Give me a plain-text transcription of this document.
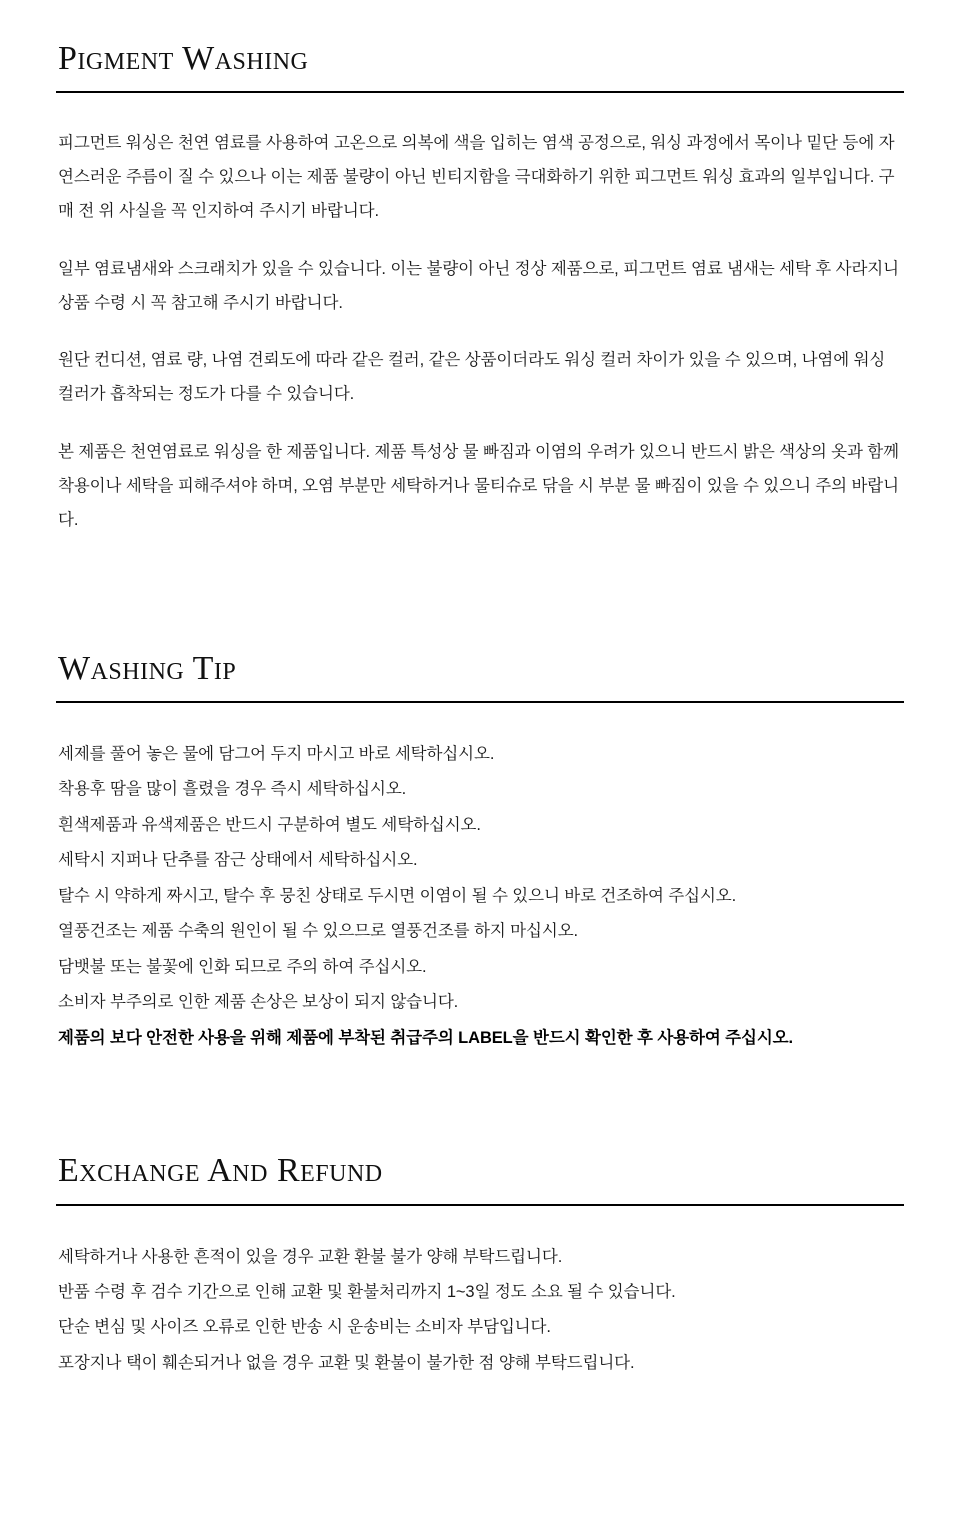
Pigment Washing

피그먼트 워싱은 천연 염료를 사용하여 고온으로 의복에 색을 입히는 염색 공정으로, 워싱 과정에서 목이나 밑단 등에 자연스러운 주름이 질 수 있으나 이는 제품 불량이 아닌 빈티지함을 극대화하기 위한 피그먼트 워싱 효과의 일부입니다. 구매 전 위 사실을 꼭 인지하여 주시기 바랍니다.

일부 염료냄새와 스크래치가 있을 수 있습니다. 이는 불량이 아닌 정상 제품으로, 피그먼트 염료 냄새는 세탁 후 사라지니 상품 수령 시 꼭 참고해 주시기 바랍니다.

원단 컨디션, 염료 량, 나염 견뢰도에 따라 같은 컬러, 같은 상품이더라도 워싱 컬러 차이가 있을 수 있으며, 나염에 워싱 컬러가 흡착되는 정도가 다를 수 있습니다.

본 제품은 천연염료로 워싱을 한 제품입니다. 제품 특성상 물 빠짐과 이염의 우려가 있으니 반드시 밝은 색상의 옷과 함께 착용이나 세탁을 피해주셔야 하며, 오염 부분만 세탁하거나 물티슈로 닦을 시 부분 물 빠짐이 있을 수 있으니 주의 바랍니다.

Washing Tip
세제를 풀어 놓은 물에 담그어 두지 마시고 바로 세탁하십시오.
착용후 땀을 많이 흘렸을 경우 즉시 세탁하십시오.
흰색제품과 유색제품은 반드시 구분하여 별도 세탁하십시오.
세탁시 지퍼나 단추를 잠근 상태에서 세탁하십시오.
탈수 시 약하게 짜시고, 탈수 후 뭉친 상태로 두시면 이염이 될 수 있으니 바로 건조하여 주십시오.
열풍건조는 제품 수축의 원인이 될 수 있으므로 열풍건조를 하지 마십시오.
담뱃불 또는 불꽃에 인화 되므로 주의 하여 주십시오.
소비자 부주의로 인한 제품 손상은 보상이 되지 않습니다.
제품의 보다 안전한 사용을 위해 제품에 부착된 취급주의 LABEL을 반드시 확인한 후 사용하여 주십시오.
Exchange And Refund
세탁하거나 사용한 흔적이 있을 경우 교환 환불 불가 양해 부탁드립니다.
반품 수령 후 검수 기간으로 인해 교환 및 환불처리까지 1~3일 정도 소요 될 수 있습니다.
단순 변심 및 사이즈 오류로 인한 반송 시 운송비는 소비자 부담입니다.
포장지나 택이 훼손되거나 없을 경우 교환 및 환불이 불가한 점 양해 부탁드립니다.
